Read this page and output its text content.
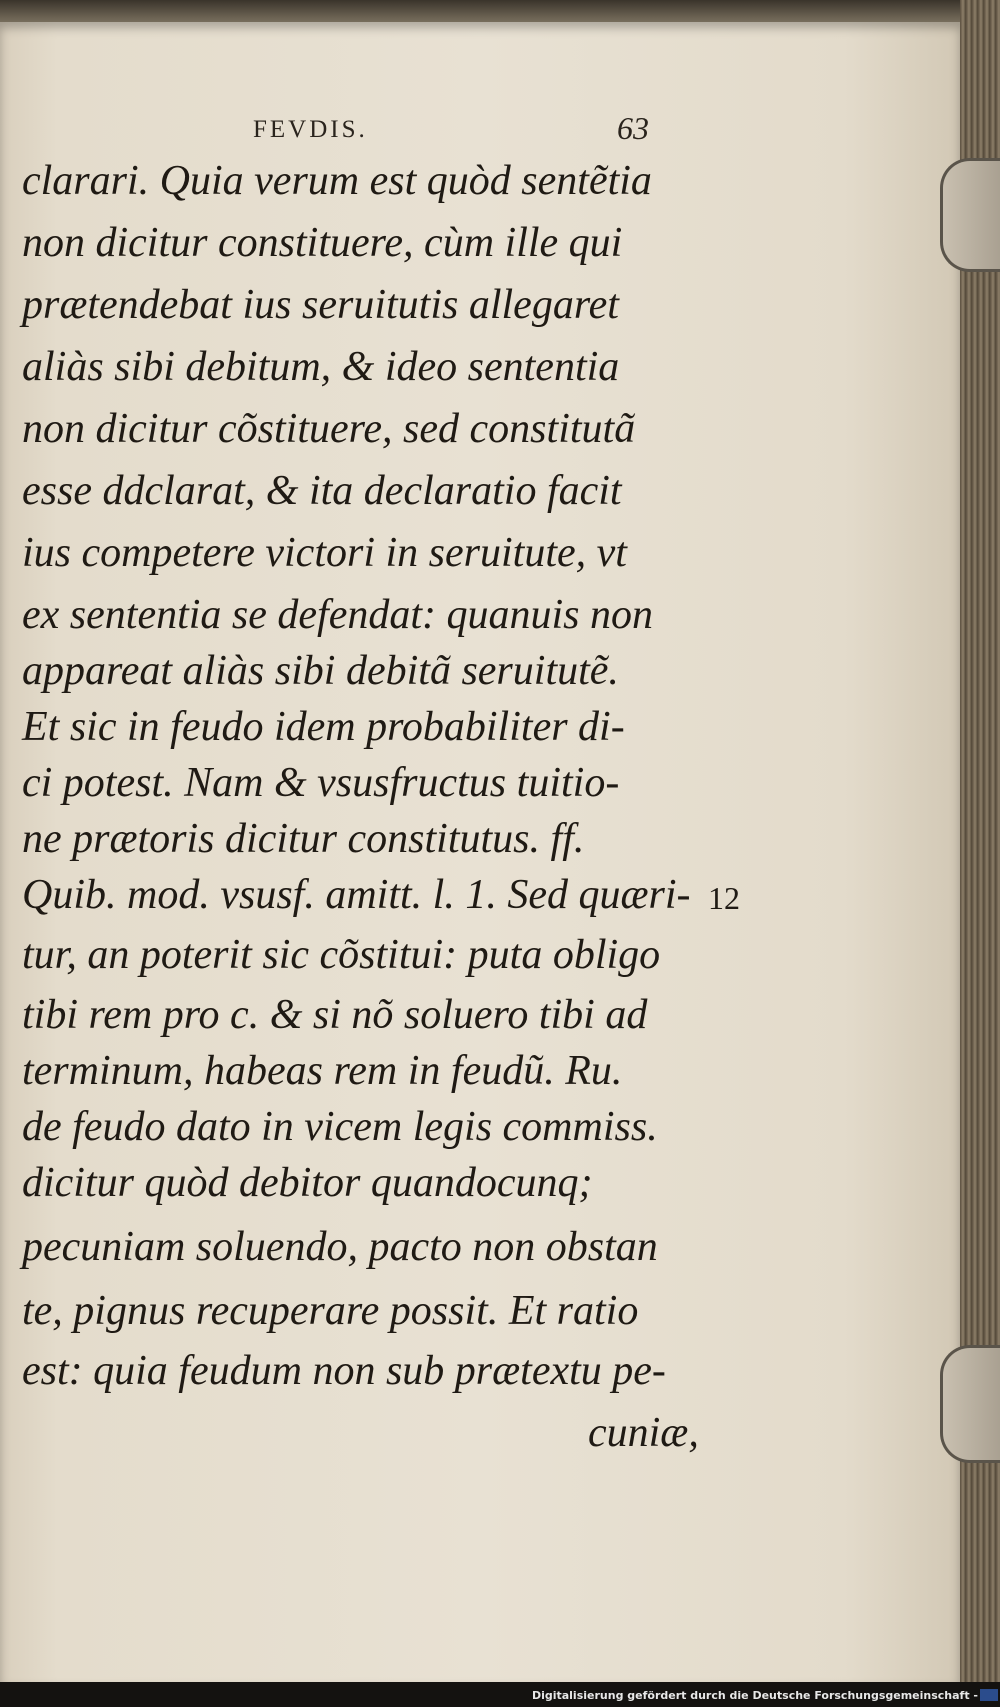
FEVDIS.	63
clarari. Quia verum est quòd sentẽtia
non dicitur constituere, cùm ille qui
prætendebat ius seruitutis allegaret
aliàs sibi debitum, & ideo sententia
non dicitur cõstituere, sed constitutã
esse ddclarat, & ita declaratio facit
ius competere victori in seruitute, vt
ex sententia se defendat: quanuis non
appareat aliàs sibi debitã seruitutẽ.
Et sic in feudo idem probabiliter di-
ci potest. Nam & vsusfructus tuitio-
ne prætoris dicitur constitutus. ff.
Quib. mod. vsusf. amitt. l. 1. Sed quæri-
tur, an poterit sic cõstitui: puta obligo
tibi rem pro c. & si nõ soluero tibi ad
terminum, habeas rem in feudũ. Ru.
de feudo dato in vicem legis commiss.
dicitur quòd debitor quandocunq;
pecuniam soluendo, pacto non obstan
te, pignus recuperare possit. Et ratio
est: quia feudum non sub prætextu pe-
cuniæ,
12
Digitalisierung gefördert durch die Deutsche Forschungsgemeinschaft -
